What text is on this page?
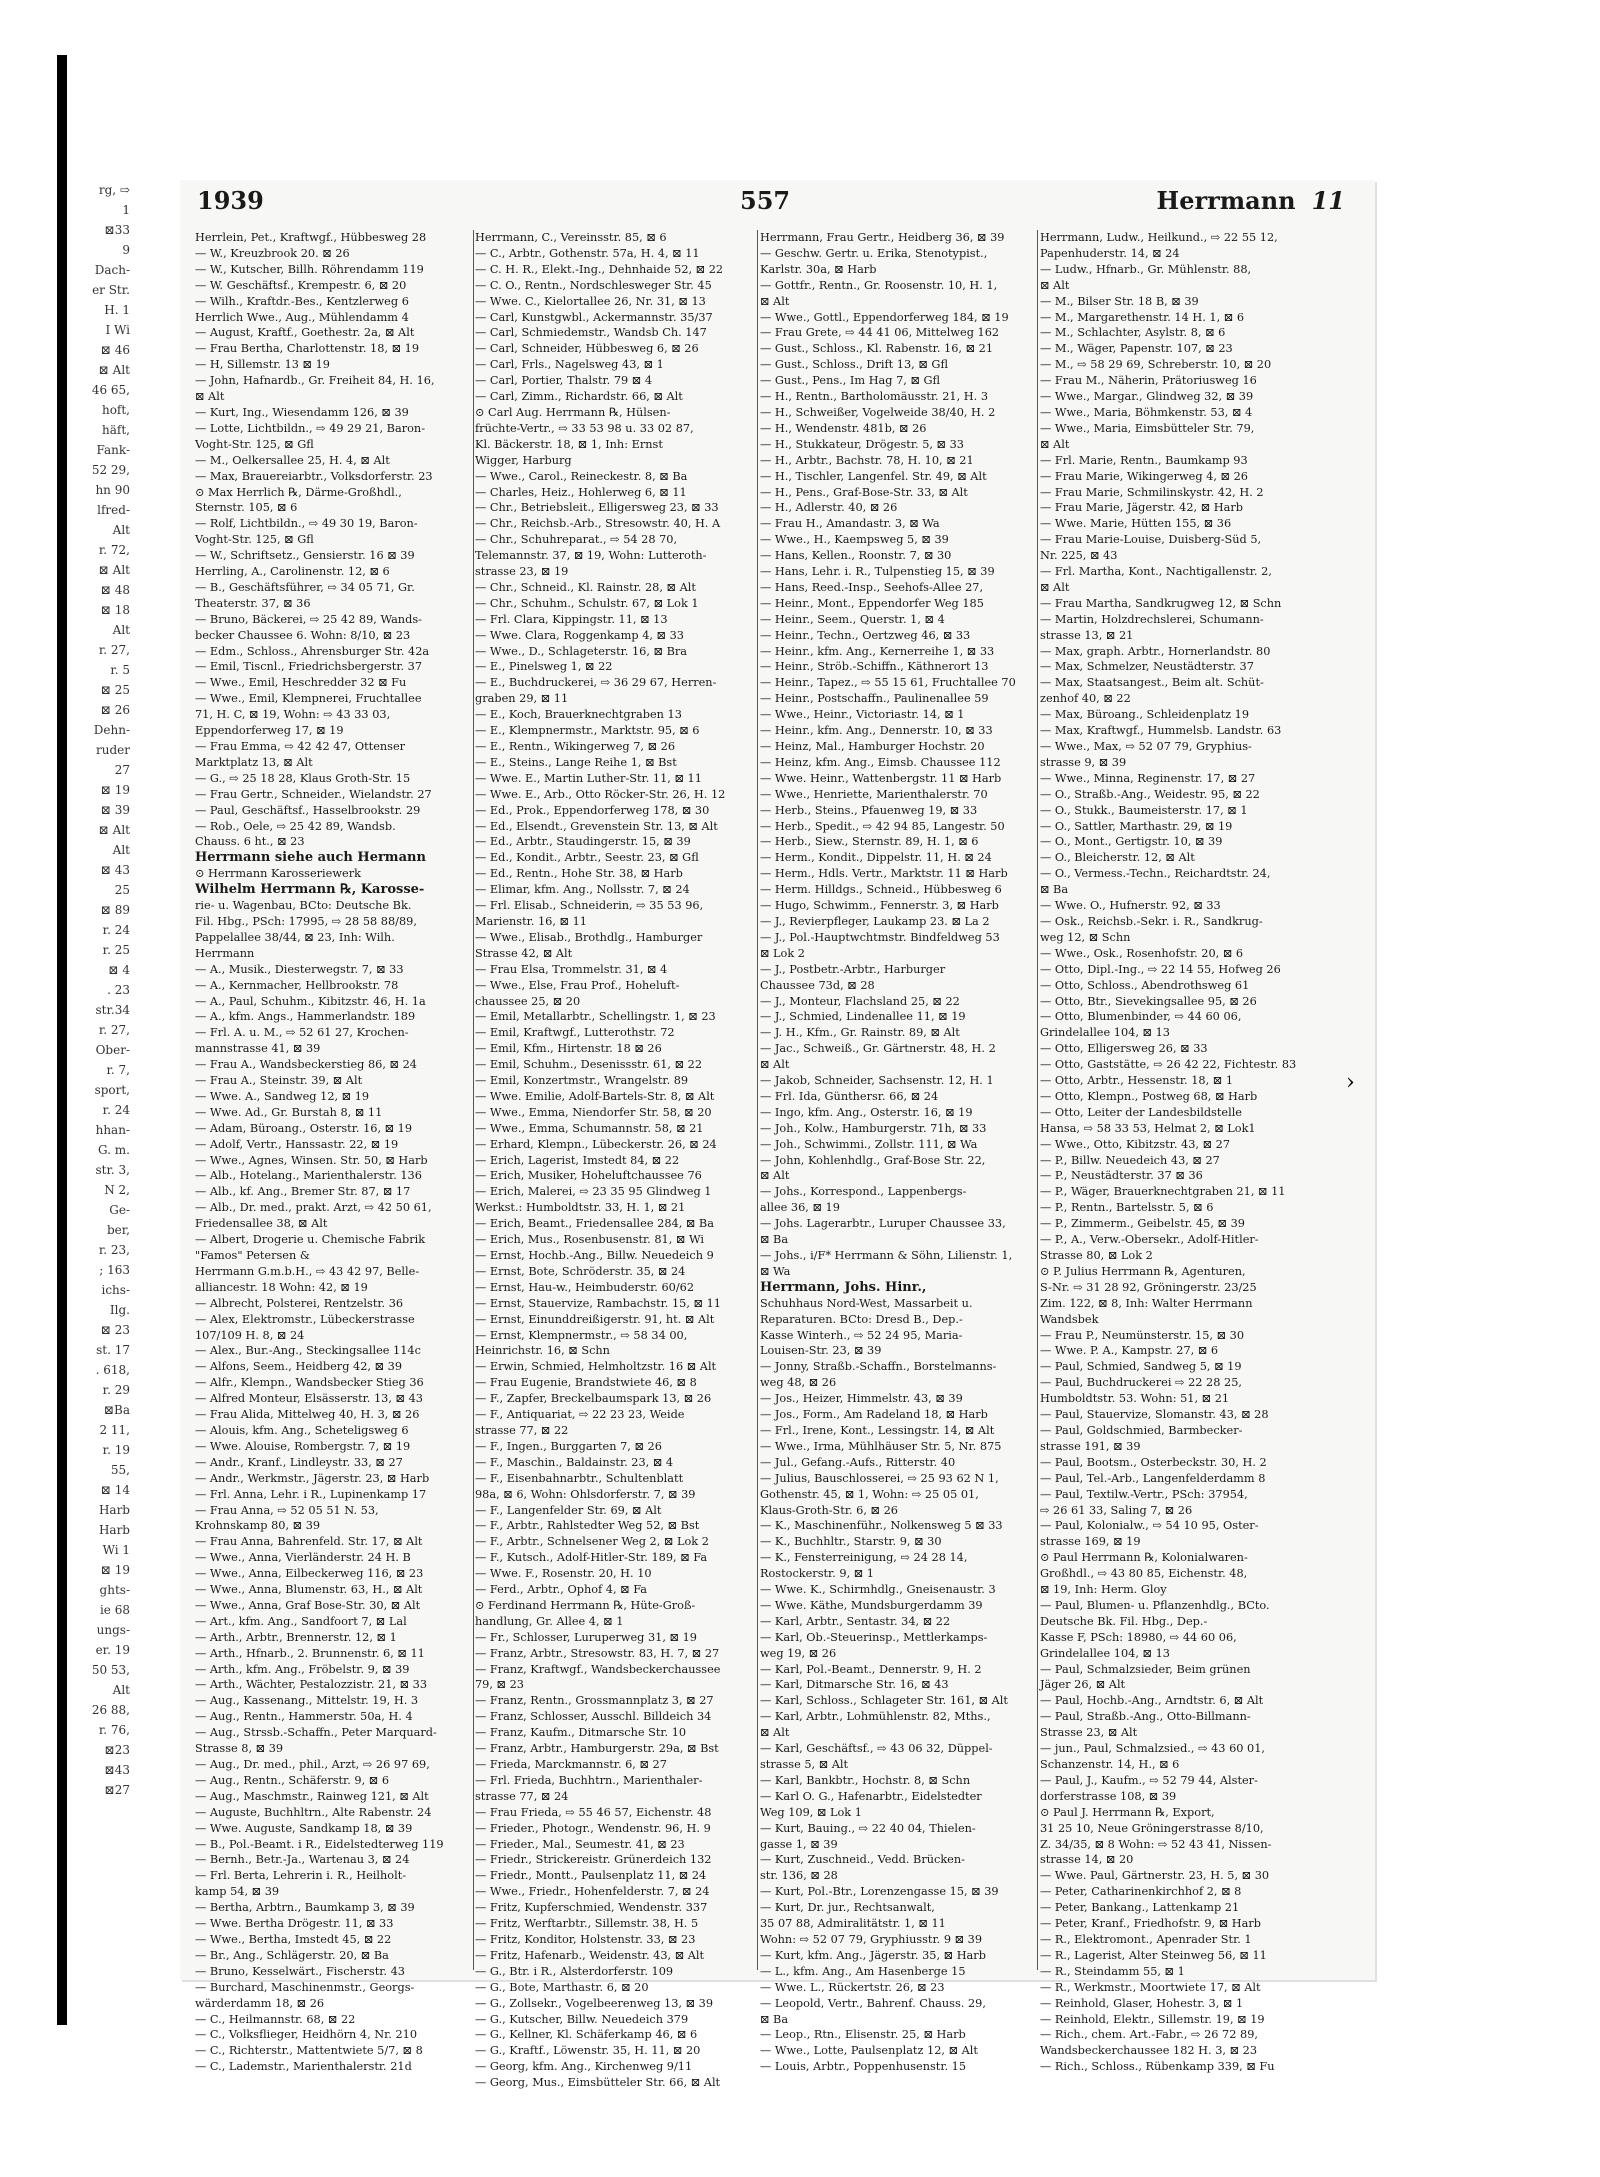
rg, ⇨
1
⊠33
9
Dach-
er Str.
H. 1
I Wi
⊠ 46
⊠ Alt
46 65,
hoft,
häft,
Fank-
52 29,
hn 90
lfred-
Alt
r. 72,
⊠ Alt
⊠ 48
⊠ 18
Alt
r. 27,
r. 5
⊠ 25
⊠ 26
Dehn-
ruder
27
⊠ 19
⊠ 39
⊠ Alt
Alt
⊠ 43
25
⊠ 89
r. 24
r. 25
⊠ 4
. 23
str.34
r. 27,
Ober-
r. 7,
sport,
r. 24
hhan-
G. m.
str. 3,
N 2,
Ge-
ber,
r. 23,
; 163
ichs-
Ilg.
⊠ 23
st. 17
. 618,
r. 29
⊠Ba
2 11,
r. 19
55,
⊠ 14
Harb
Harb
Wi 1
⊠ 19
ghts-
ie 68
ungs-
er. 19
50 53,
Alt
26 88,
r. 76,
⊠23
⊠43
⊠27
1939	557	Herrmann 11
Herrlein, Pet., Kraftwgf., Hübbesweg 28
— W., Kreuzbrook 20. ⊠ 26
— W., Kutscher, Billh. Röhrendamm 119
— W. Geschäftsf., Krempestr. 6, ⊠ 20
— Wilh., Kraftdr.-Bes., Kentzlerweg 6
Herrlich Wwe., Aug., Mühlendamm 4
— August, Kraftf., Goethestr. 2a, ⊠ Alt
— Frau Bertha, Charlottenstr. 18, ⊠ 19
— H, Sillemstr. 13 ⊠ 19
— John, Hafnardb., Gr. Freiheit 84, H. 16,
⊠ Alt
— Kurt, Ing., Wiesendamm 126, ⊠ 39
— Lotte, Lichtbildn., ⇨ 49 29 21, Baron-
Voght-Str. 125, ⊠ Gfl
— M., Oelkersallee 25, H. 4, ⊠ Alt
— Max, Brauereiarbtr., Volksdorferstr. 23
⊙ Max Herrlich ℞, Därme-Großhdl.,
Sternstr. 105, ⊠ 6
— Rolf, Lichtbildn., ⇨ 49 30 19, Baron-
Voght-Str. 125, ⊠ Gfl
— W., Schriftsetz., Gensierstr. 16 ⊠ 39
Herrling, A., Carolinenstr. 12, ⊠ 6
— B., Geschäftsführer, ⇨ 34 05 71, Gr.
Theaterstr. 37, ⊠ 36
— Bruno, Bäckerei, ⇨ 25 42 89, Wands-
becker Chaussee 6. Wohn: 8/10, ⊠ 23
— Edm., Schloss., Ahrensburger Str. 42a
— Emil, Tiscnl., Friedrichsbergerstr. 37
— Wwe., Emil, Heschredder 32 ⊠ Fu
— Wwe., Emil, Klempnerei, Fruchtallee
71, H. C, ⊠ 19, Wohn: ⇨ 43 33 03,
Eppendorferweg 17, ⊠ 19
— Frau Emma, ⇨ 42 42 47, Ottenser
Marktplatz 13, ⊠ Alt
— G., ⇨ 25 18 28, Klaus Groth-Str. 15
— Frau Gertr., Schneider., Wielandstr. 27
— Paul, Geschäftsf., Hasselbrookstr. 29
— Rob., Oele, ⇨ 25 42 89, Wandsb.
Chauss. 6 ht., ⊠ 23
Herrmann siehe auch Hermann
⊙ Herrmann Karosseriewerk
Wilhelm Herrmann ℞, Karosse-
rie- u. Wagenbau, BCto: Deutsche Bk.
Fil. Hbg., PSch: 17995, ⇨ 28 58 88/89,
Pappelallee 38/44, ⊠ 23, Inh: Wilh.
Herrmann
— A., Musik., Diesterwegstr. 7, ⊠ 33
— A., Kernmacher, Hellbrookstr. 78
— A., Paul, Schuhm., Kibitzstr. 46, H. 1a
— A., kfm. Angs., Hammerlandstr. 189
— Frl. A. u. M., ⇨ 52 61 27, Krochen-
mannstrasse 41, ⊠ 39
— Frau A., Wandsbeckerstieg 86, ⊠ 24
— Frau A., Steinstr. 39, ⊠ Alt
— Wwe. A., Sandweg 12, ⊠ 19
— Wwe. Ad., Gr. Burstah 8, ⊠ 11
— Adam, Büroang., Osterstr. 16, ⊠ 19
— Adolf, Vertr., Hanssastr. 22, ⊠ 19
— Wwe., Agnes, Winsen. Str. 50, ⊠ Harb
— Alb., Hotelang., Marienthalerstr. 136
— Alb., kf. Ang., Bremer Str. 87, ⊠ 17
— Alb., Dr. med., prakt. Arzt, ⇨ 42 50 61,
Friedensallee 38, ⊠ Alt
— Albert, Drogerie u. Chemische Fabrik
"Famos" Petersen &
Herrmann G.m.b.H., ⇨ 43 42 97, Belle-
alliancestr. 18 Wohn: 42, ⊠ 19
— Albrecht, Polsterei, Rentzelstr. 36
— Alex, Elektromstr., Lübeckerstrasse
107/109 H. 8, ⊠ 24
— Alex., Bur.-Ang., Steckingsallee 114c
— Alfons, Seem., Heidberg 42, ⊠ 39
— Alfr., Klempn., Wandsbecker Stieg 36
— Alfred Monteur, Elsässerstr. 13, ⊠ 43
— Frau Alida, Mittelweg 40, H. 3, ⊠ 26
— Alouis, kfm. Ang., Scheteligsweg 6
— Wwe. Alouise, Rombergstr. 7, ⊠ 19
— Andr., Kranf., Lindleystr. 33, ⊠ 27
— Andr., Werkmstr., Jägerstr. 23, ⊠ Harb
— Frl. Anna, Lehr. i R., Lupinenkamp 17
— Frau Anna, ⇨ 52 05 51 N. 53,
Krohnskamp 80, ⊠ 39
— Frau Anna, Bahrenfeld. Str. 17, ⊠ Alt
— Wwe., Anna, Vierländerstr. 24 H. B
— Wwe., Anna, Eilbeckerweg 116, ⊠ 23
— Wwe., Anna, Blumenstr. 63, H., ⊠ Alt
— Wwe., Anna, Graf Bose-Str. 30, ⊠ Alt
— Art., kfm. Ang., Sandfoort 7, ⊠ Lal
— Arth., Arbtr., Brennerstr. 12, ⊠ 1
— Arth., Hfnarb., 2. Brunnenstr. 6, ⊠ 11
— Arth., kfm. Ang., Fröbelstr. 9, ⊠ 39
— Arth., Wächter, Pestalozzistr. 21, ⊠ 33
— Aug., Kassenang., Mittelstr. 19, H. 3
— Aug., Rentn., Hammerstr. 50a, H. 4
— Aug., Strssb.-Schaffn., Peter Marquard-
Strasse 8, ⊠ 39
— Aug., Dr. med., phil., Arzt, ⇨ 26 97 69,
— Aug., Rentn., Schäferstr. 9, ⊠ 6
— Aug., Maschmstr., Rainweg 121, ⊠ Alt
— Auguste, Buchhltrn., Alte Rabenstr. 24
— Wwe. Auguste, Sandkamp 18, ⊠ 39
— B., Pol.-Beamt. i R., Eidelstedterweg 119
— Bernh., Betr.-Ja., Wartenau 3, ⊠ 24
— Frl. Berta, Lehrerin i. R., Heilholt-
kamp 54, ⊠ 39
— Bertha, Arbtrn., Baumkamp 3, ⊠ 39
— Wwe. Bertha Drögestr. 11, ⊠ 33
— Wwe., Bertha, Imstedt 45, ⊠ 22
— Br., Ang., Schlägerstr. 20, ⊠ Ba
— Bruno, Kesselwärt., Fischerstr. 43
— Burchard, Maschinenmstr., Georgs-
wärderdamm 18, ⊠ 26
— C., Heilmannstr. 68, ⊠ 22
— C., Volksflieger, Heidhörn 4, Nr. 210
— C., Richterstr., Mattentwiete 5/7, ⊠ 8
— C., Lademstr., Marienthalerstr. 21d
Herrmann, C., Vereinsstr. 85, ⊠ 6
— C., Arbtr., Gothenstr. 57a, H. 4, ⊠ 11
— C. H. R., Elekt.-Ing., Dehnhaide 52, ⊠ 22
— C. O., Rentn., Nordschlesweger Str. 45
— Wwe. C., Kielortallee 26, Nr. 31, ⊠ 13
— Carl, Kunstgwbl., Ackermannstr. 35/37
— Carl, Schmiedemstr., Wandsb Ch. 147
— Carl, Schneider, Hübbesweg 6, ⊠ 26
— Carl, Frls., Nagelsweg 43, ⊠ 1
— Carl, Portier, Thalstr. 79 ⊠ 4
— Carl, Zimm., Richardstr. 66, ⊠ Alt
⊙ Carl Aug. Herrmann ℞, Hülsen-
früchte-Vertr., ⇨ 33 53 98 u. 33 02 87,
Kl. Bäckerstr. 18, ⊠ 1, Inh: Ernst
Wigger, Harburg
— Wwe., Carol., Reineckestr. 8, ⊠ Ba
— Charles, Heiz., Hohlerweg 6, ⊠ 11
— Chr., Betriebsleit., Elligersweg 23, ⊠ 33
— Chr., Reichsb.-Arb., Stresowstr. 40, H. A
— Chr., Schuhreparat., ⇨ 54 28 70,
Telemannstr. 37, ⊠ 19, Wohn: Lutteroth-
strasse 23, ⊠ 19
— Chr., Schneid., Kl. Rainstr. 28, ⊠ Alt
— Chr., Schuhm., Schulstr. 67, ⊠ Lok 1
— Frl. Clara, Kippingstr. 11, ⊠ 13
— Wwe. Clara, Roggenkamp 4, ⊠ 33
— Wwe., D., Schlageterstr. 16, ⊠ Bra
— E., Pinelsweg 1, ⊠ 22
— E., Buchdruckerei, ⇨ 36 29 67, Herren-
graben 29, ⊠ 11
— E., Koch, Brauerknechtgraben 13
— E., Klempnermstr., Marktstr. 95, ⊠ 6
— E., Rentn., Wikingerweg 7, ⊠ 26
— E., Steins., Lange Reihe 1, ⊠ Bst
— Wwe. E., Martin Luther-Str. 11, ⊠ 11
— Wwe. E., Arb., Otto Röcker-Str. 26, H. 12
— Ed., Prok., Eppendorferweg 178, ⊠ 30
— Ed., Elsendt., Grevenstein Str. 13, ⊠ Alt
— Ed., Arbtr., Staudingerstr. 15, ⊠ 39
— Ed., Kondit., Arbtr., Seestr. 23, ⊠ Gfl
— Ed., Rentn., Hohe Str. 38, ⊠ Harb
— Elimar, kfm. Ang., Nollsstr. 7, ⊠ 24
— Frl. Elisab., Schneiderin, ⇨ 35 53 96,
Marienstr. 16, ⊠ 11
— Wwe., Elisab., Brothdlg., Hamburger
Strasse 42, ⊠ Alt
— Frau Elsa, Trommelstr. 31, ⊠ 4
— Wwe., Else, Frau Prof., Hoheluft-
chaussee 25, ⊠ 20
— Emil, Metallarbtr., Schellingstr. 1, ⊠ 23
— Emil, Kraftwgf., Lutterothstr. 72
— Emil, Kfm., Hirtenstr. 18 ⊠ 26
— Emil, Schuhm., Desenissstr. 61, ⊠ 22
— Emil, Konzertmstr., Wrangelstr. 89
— Wwe. Emilie, Adolf-Bartels-Str. 8, ⊠ Alt
— Wwe., Emma, Niendorfer Str. 58, ⊠ 20
— Wwe., Emma, Schumannstr. 58, ⊠ 21
— Erhard, Klempn., Lübeckerstr. 26, ⊠ 24
— Erich, Lagerist, Imstedt 84, ⊠ 22
— Erich, Musiker, Hoheluftchaussee 76
— Erich, Malerei, ⇨ 23 35 95 Glindweg 1
Werkst.: Humboldtstr. 33, H. 1, ⊠ 21
— Erich, Beamt., Friedensallee 284, ⊠ Ba
— Erich, Mus., Rosenbusenstr. 81, ⊠ Wi
— Ernst, Hochb.-Ang., Billw. Neuedeich 9
— Ernst, Bote, Schröderstr. 35, ⊠ 24
— Ernst, Hau-w., Heimbuderstr. 60/62
— Ernst, Stauervize, Rambachstr. 15, ⊠ 11
— Ernst, Einunddreißigerstr. 91, ht. ⊠ Alt
— Ernst, Klempnermstr., ⇨ 58 34 00,
Heinrichstr. 16, ⊠ Schn
— Erwin, Schmied, Helmholtzstr. 16 ⊠ Alt
— Frau Eugenie, Brandstwiete 46, ⊠ 8
— F., Zapfer, Breckelbaumspark 13, ⊠ 26
— F., Antiquariat, ⇨ 22 23 23, Weide
strasse 77, ⊠ 22
— F., Ingen., Burggarten 7, ⊠ 26
— F., Maschin., Baldainstr. 23, ⊠ 4
— F., Eisenbahnarbtr., Schultenblatt
98a, ⊠ 6, Wohn: Ohlsdorferstr. 7, ⊠ 39
— F., Langenfelder Str. 69, ⊠ Alt
— F., Arbtr., Rahlstedter Weg 52, ⊠ Bst
— F., Arbtr., Schnelsener Weg 2, ⊠ Lok 2
— F., Kutsch., Adolf-Hitler-Str. 189, ⊠ Fa
— Wwe. F., Rosenstr. 20, H. 10
— Ferd., Arbtr., Ophof 4, ⊠ Fa
⊙ Ferdinand Herrmann ℞, Hüte-Groß-
handlung, Gr. Allee 4, ⊠ 1
— Fr., Schlosser, Luruperweg 31, ⊠ 19
— Franz, Arbtr., Stresowstr. 83, H. 7, ⊠ 27
— Franz, Kraftwgf., Wandsbeckerchaussee
79, ⊠ 23
— Franz, Rentn., Grossmannplatz 3, ⊠ 27
— Franz, Schlosser, Ausschl. Billdeich 34
— Franz, Kaufm., Ditmarsche Str. 10
— Franz, Arbtr., Hamburgerstr. 29a, ⊠ Bst
— Frieda, Marckmannstr. 6, ⊠ 27
— Frl. Frieda, Buchhtrn., Marienthaler-
strasse 77, ⊠ 24
— Frau Frieda, ⇨ 55 46 57, Eichenstr. 48
— Frieder., Photogr., Wendenstr. 96, H. 9
— Frieder., Mal., Seumestr. 41, ⊠ 23
— Friedr., Strickereistr. Grünerdeich 132
— Friedr., Montt., Paulsenplatz 11, ⊠ 24
— Wwe., Friedr., Hohenfelderstr. 7, ⊠ 24
— Fritz, Kupferschmied, Wendenstr. 337
— Fritz, Werftarbtr., Sillemstr. 38, H. 5
— Fritz, Konditor, Holstenstr. 33, ⊠ 23
— Fritz, Hafenarb., Weidenstr. 43, ⊠ Alt
— G., Btr. i R., Alsterdorferstr. 109
— G., Bote, Marthastr. 6, ⊠ 20
— G., Zollsekr., Vogelbeerenweg 13, ⊠ 39
— G., Kutscher, Billw. Neuedeich 379
— G., Kellner, Kl. Schäferkamp 46, ⊠ 6
— G., Kraftf., Löwenstr. 35, H. 11, ⊠ 20
— Georg, kfm. Ang., Kirchenweg 9/11
— Georg, Mus., Eimsbütteler Str. 66, ⊠ Alt
Herrmann, Frau Gertr., Heidberg 36, ⊠ 39
— Geschw. Gertr. u. Erika, Stenotypist.,
Karlstr. 30a, ⊠ Harb
— Gottfr., Rentn., Gr. Roosenstr. 10, H. 1,
⊠ Alt
— Wwe., Gottl., Eppendorferweg 184, ⊠ 19
— Frau Grete, ⇨ 44 41 06, Mittelweg 162
— Gust., Schloss., Kl. Rabenstr. 16, ⊠ 21
— Gust., Schloss., Drift 13, ⊠ Gfl
— Gust., Pens., Im Hag 7, ⊠ Gfl
— H., Rentn., Bartholomäusstr. 21, H. 3
— H., Schweißer, Vogelweide 38/40, H. 2
— H., Wendenstr. 481b, ⊠ 26
— H., Stukkateur, Drögestr. 5, ⊠ 33
— H., Arbtr., Bachstr. 78, H. 10, ⊠ 21
— H., Tischler, Langenfel. Str. 49, ⊠ Alt
— H., Pens., Graf-Bose-Str. 33, ⊠ Alt
— H., Adlerstr. 40, ⊠ 26
— Frau H., Amandastr. 3, ⊠ Wa
— Wwe., H., Kaempsweg 5, ⊠ 39
— Hans, Kellen., Roonstr. 7, ⊠ 30
— Hans, Lehr. i. R., Tulpenstieg 15, ⊠ 39
— Hans, Reed.-Insp., Seehofs-Allee 27,
— Heinr., Mont., Eppendorfer Weg 185
— Heinr., Seem., Querstr. 1, ⊠ 4
— Heinr., Techn., Oertzweg 46, ⊠ 33
— Heinr., kfm. Ang., Kernerreihe 1, ⊠ 33
— Heinr., Ströb.-Schiffn., Käthnerort 13
— Heinr., Tapez., ⇨ 55 15 61, Fruchtallee 70
— Heinr., Postschaffn., Paulinenallee 59
— Wwe., Heinr., Victoriastr. 14, ⊠ 1
— Heinr., kfm. Ang., Dennerstr. 10, ⊠ 33
— Heinz, Mal., Hamburger Hochstr. 20
— Heinz, kfm. Ang., Eimsb. Chaussee 112
— Wwe. Heinr., Wattenbergstr. 11 ⊠ Harb
— Wwe., Henriette, Marienthalerstr. 70
— Herb., Steins., Pfauenweg 19, ⊠ 33
— Herb., Spedit., ⇨ 42 94 85, Langestr. 50
— Herb., Siew., Sternstr. 89, H. 1, ⊠ 6
— Herm., Kondit., Dippelstr. 11, H. ⊠ 24
— Herm., Hdls. Vertr., Marktstr. 11 ⊠ Harb
— Herm. Hilldgs., Schneid., Hübbesweg 6
— Hugo, Schwimm., Fennerstr. 3, ⊠ Harb
— J., Revierpfleger, Laukamp 23. ⊠ La 2
— J., Pol.-Hauptwchtmstr. Bindfeldweg 53
⊠ Lok 2
— J., Postbetr.-Arbtr., Harburger
Chaussee 73d, ⊠ 28
— J., Monteur, Flachsland 25, ⊠ 22
— J., Schmied, Lindenallee 11, ⊠ 19
— J. H., Kfm., Gr. Rainstr. 89, ⊠ Alt
— Jac., Schweiß., Gr. Gärtnerstr. 48, H. 2
⊠ Alt
— Jakob, Schneider, Sachsenstr. 12, H. 1
— Frl. Ida, Günthersr. 66, ⊠ 24
— Ingo, kfm. Ang., Osterstr. 16, ⊠ 19
— Joh., Kolw., Hamburgerstr. 71h, ⊠ 33
— Joh., Schwimmi., Zollstr. 111, ⊠ Wa
— John, Kohlenhdlg., Graf-Bose Str. 22,
⊠ Alt
— Johs., Korrespond., Lappenbergs-
allee 36, ⊠ 19
— Johs. Lagerarbtr., Luruper Chaussee 33,
⊠ Ba
— Johs., i/F* Herrmann & Söhn, Lilienstr. 1,
⊠ Wa
Herrmann, Johs. Hinr.,
Schuhhaus Nord-West, Massarbeit u.
Reparaturen. BCto: Dresd B., Dep.-
Kasse Winterh., ⇨ 52 24 95, Maria-
Louisen-Str. 23, ⊠ 39
— Jonny, Straßb.-Schaffn., Borstelmanns-
weg 48, ⊠ 26
— Jos., Heizer, Himmelstr. 43, ⊠ 39
— Jos., Form., Am Radeland 18, ⊠ Harb
— Frl., Irene, Kont., Lessingstr. 14, ⊠ Alt
— Wwe., Irma, Mühlhäuser Str. 5, Nr. 875
— Jul., Gefang.-Aufs., Ritterstr. 40
— Julius, Bauschlosserei, ⇨ 25 93 62 N 1,
Gothenstr. 45, ⊠ 1, Wohn: ⇨ 25 05 01,
Klaus-Groth-Str. 6, ⊠ 26
— K., Maschinenführ., Nolkensweg 5 ⊠ 33
— K., Buchhltr., Starstr. 9, ⊠ 30
— K., Fensterreinigung, ⇨ 24 28 14,
Rostockerstr. 9, ⊠ 1
— Wwe. K., Schirmhdlg., Gneisenaustr. 3
— Wwe. Käthe, Mundsburgerdamm 39
— Karl, Arbtr., Sentastr. 34, ⊠ 22
— Karl, Ob.-Steuerinsp., Mettlerkamps-
weg 19, ⊠ 26
— Karl, Pol.-Beamt., Dennerstr. 9, H. 2
— Karl, Ditmarsche Str. 16, ⊠ 43
— Karl, Schloss., Schlageter Str. 161, ⊠ Alt
— Karl, Arbtr., Lohmühlenstr. 82, Mths.,
⊠ Alt
— Karl, Geschäftsf., ⇨ 43 06 32, Düppel-
strasse 5, ⊠ Alt
— Karl, Bankbtr., Hochstr. 8, ⊠ Schn
— Karl O. G., Hafenarbtr., Eidelstedter
Weg 109, ⊠ Lok 1
— Kurt, Bauing., ⇨ 22 40 04, Thielen-
gasse 1, ⊠ 39
— Kurt, Zuschneid., Vedd. Brücken-
str. 136, ⊠ 28
— Kurt, Pol.-Btr., Lorenzengasse 15, ⊠ 39
— Kurt, Dr. jur., Rechtsanwalt,
35 07 88, Admiralitätstr. 1, ⊠ 11
Wohn: ⇨ 52 07 79, Gryphiusstr. 9 ⊠ 39
— Kurt, kfm. Ang., Jägerstr. 35, ⊠ Harb
— L., kfm. Ang., Am Hasenberge 15
— Wwe. L., Rückertstr. 26, ⊠ 23
— Leopold, Vertr., Bahrenf. Chauss. 29,
⊠ Ba
— Leop., Rtn., Elisenstr. 25, ⊠ Harb
— Wwe., Lotte, Paulsenplatz 12, ⊠ Alt
— Louis, Arbtr., Poppenhusenstr. 15
Herrmann, Ludw., Heilkund., ⇨ 22 55 12,
Papenhuderstr. 14, ⊠ 24
— Ludw., Hfnarb., Gr. Mühlenstr. 88,
⊠ Alt
— M., Bilser Str. 18 B, ⊠ 39
— M., Margarethenstr. 14 H. 1, ⊠ 6
— M., Schlachter, Asylstr. 8, ⊠ 6
— M., Wäger, Papenstr. 107, ⊠ 23
— M., ⇨ 58 29 69, Schreberstr. 10, ⊠ 20
— Frau M., Näherin, Prätoriusweg 16
— Wwe., Margar., Glindweg 32, ⊠ 39
— Wwe., Maria, Böhmkenstr. 53, ⊠ 4
— Wwe., Maria, Eimsbütteler Str. 79,
⊠ Alt
— Frl. Marie, Rentn., Baumkamp 93
— Frau Marie, Wikingerweg 4, ⊠ 26
— Frau Marie, Schmilinskystr. 42, H. 2
— Frau Marie, Jägerstr. 42, ⊠ Harb
— Wwe. Marie, Hütten 155, ⊠ 36
— Frau Marie-Louise, Duisberg-Süd 5,
Nr. 225, ⊠ 43
— Frl. Martha, Kont., Nachtigallenstr. 2,
⊠ Alt
— Frau Martha, Sandkrugweg 12, ⊠ Schn
— Martin, Holzdrechslerei, Schumann-
strasse 13, ⊠ 21
— Max, graph. Arbtr., Hornerlandstr. 80
— Max, Schmelzer, Neustädterstr. 37
— Max, Staatsangest., Beim alt. Schüt-
zenhof 40, ⊠ 22
— Max, Büroang., Schleidenplatz 19
— Max, Kraftwgf., Hummelsb. Landstr. 63
— Wwe., Max, ⇨ 52 07 79, Gryphius-
strasse 9, ⊠ 39
— Wwe., Minna, Reginenstr. 17, ⊠ 27
— O., Straßb.-Ang., Weidestr. 95, ⊠ 22
— O., Stukk., Baumeisterstr. 17, ⊠ 1
— O., Sattler, Marthastr. 29, ⊠ 19
— O., Mont., Gertigstr. 10, ⊠ 39
— O., Bleicherstr. 12, ⊠ Alt
— O., Vermess.-Techn., Reichardtstr. 24,
⊠ Ba
— Wwe. O., Hufnerstr. 92, ⊠ 33
— Osk., Reichsb.-Sekr. i. R., Sandkrug-
weg 12, ⊠ Schn
— Wwe., Osk., Rosenhofstr. 20, ⊠ 6
— Otto, Dipl.-Ing., ⇨ 22 14 55, Hofweg 26
— Otto, Schloss., Abendrothsweg 61
— Otto, Btr., Sievekingsallee 95, ⊠ 26
— Otto, Blumenbinder, ⇨ 44 60 06,
Grindelallee 104, ⊠ 13
— Otto, Elligersweg 26, ⊠ 33
— Otto, Gaststätte, ⇨ 26 42 22, Fichtestr. 83
— Otto, Arbtr., Hessenstr. 18, ⊠ 1
— Otto, Klempn., Postweg 68, ⊠ Harb
— Otto, Leiter der Landesbildstelle
Hansa, ⇨ 58 33 53, Helmat 2, ⊠ Lok1
— Wwe., Otto, Kibitzstr. 43, ⊠ 27
— P., Billw. Neuedeich 43, ⊠ 27
— P., Neustädterstr. 37 ⊠ 36
— P., Wäger, Brauerknechtgraben 21, ⊠ 11
— P., Rentn., Bartelsstr. 5, ⊠ 6
— P., Zimmerm., Geibelstr. 45, ⊠ 39
— P., A., Verw.-Obersekr., Adolf-Hitler-
Strasse 80, ⊠ Lok 2
⊙ P. Julius Herrmann ℞, Agenturen,
S-Nr. ⇨ 31 28 92, Gröningerstr. 23/25
Zim. 122, ⊠ 8, Inh: Walter Herrmann
Wandsbek
— Frau P., Neumünsterstr. 15, ⊠ 30
— Wwe. P. A., Kampstr. 27, ⊠ 6
— Paul, Schmied, Sandweg 5, ⊠ 19
— Paul, Buchdruckerei ⇨ 22 28 25,
Humboldtstr. 53. Wohn: 51, ⊠ 21
— Paul, Stauervize, Slomanstr. 43, ⊠ 28
— Paul, Goldschmied, Barmbecker-
strasse 191, ⊠ 39
— Paul, Bootsm., Osterbeckstr. 30, H. 2
— Paul, Tel.-Arb., Langenfelderdamm 8
— Paul, Textilw.-Vertr., PSch: 37954,
⇨ 26 61 33, Saling 7, ⊠ 26
— Paul, Kolonialw., ⇨ 54 10 95, Oster-
strasse 169, ⊠ 19
⊙ Paul Herrmann ℞, Kolonialwaren-
Großhdl., ⇨ 43 80 85, Eichenstr. 48,
⊠ 19, Inh: Herm. Gloy
— Paul, Blumen- u. Pflanzenhdlg., BCto.
Deutsche Bk. Fil. Hbg., Dep.-
Kasse F, PSch: 18980, ⇨ 44 60 06,
Grindelallee 104, ⊠ 13
— Paul, Schmalzsieder, Beim grünen
Jäger 26, ⊠ Alt
— Paul, Hochb.-Ang., Arndtstr. 6, ⊠ Alt
— Paul, Straßb.-Ang., Otto-Billmann-
Strasse 23, ⊠ Alt
— jun., Paul, Schmalzsied., ⇨ 43 60 01,
Schanzenstr. 14, H., ⊠ 6
— Paul, J., Kaufm., ⇨ 52 79 44, Alster-
dorferstrasse 108, ⊠ 39
⊙ Paul J. Herrmann ℞, Export,
31 25 10, Neue Gröningerstrasse 8/10,
Z. 34/35, ⊠ 8 Wohn: ⇨ 52 43 41, Nissen-
strasse 14, ⊠ 20
— Wwe. Paul, Gärtnerstr. 23, H. 5, ⊠ 30
— Peter, Catharinenkirchhof 2, ⊠ 8
— Peter, Bankang., Lattenkamp 21
— Peter, Kranf., Friedhofstr. 9, ⊠ Harb
— R., Elektromont., Apenrader Str. 1
— R., Lagerist, Alter Steinweg 56, ⊠ 11
— R., Steindamm 55, ⊠ 1
— R., Werkmstr., Moortwiete 17, ⊠ Alt
— Reinhold, Glaser, Hohestr. 3, ⊠ 1
— Reinhold, Elektr., Sillemstr. 19, ⊠ 19
— Rich., chem. Art.-Fabr., ⇨ 26 72 89,
Wandsbeckerchaussee 182 H. 3, ⊠ 23
— Rich., Schloss., Rübenkamp 339, ⊠ Fu
›
